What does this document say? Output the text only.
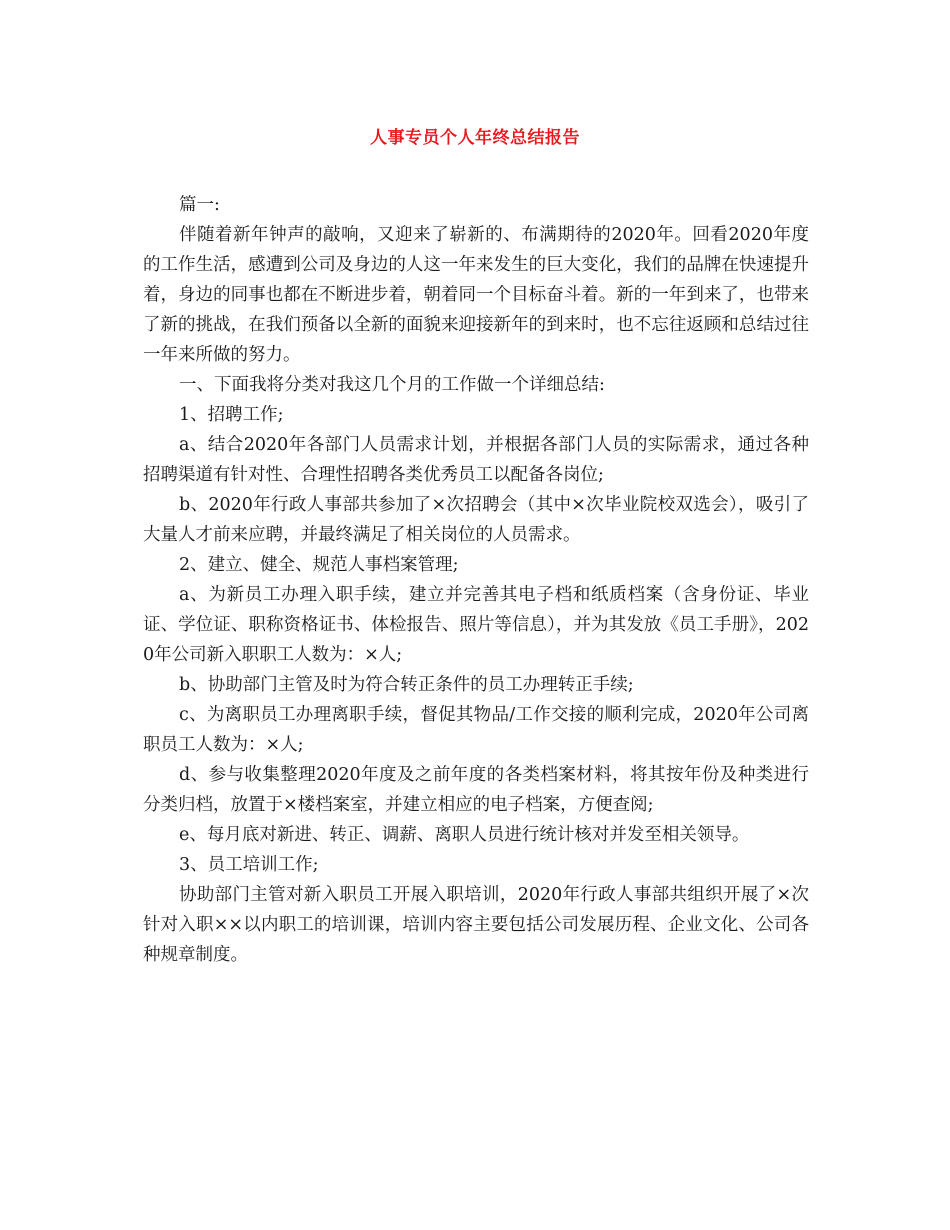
人事专员个人年终总结报告

篇一:

伴随着新年钟声的敲响，又迎来了崭新的、布满期待的2020年。回看2020年度的工作生活，感遭到公司及身边的人这一年来发生的巨大变化，我们的品牌在快速提升着，身边的同事也都在不断进步着，朝着同一个目标奋斗着。新的一年到来了，也带来了新的挑战，在我们预备以全新的面貌来迎接新年的到来时，也不忘往返顾和总结过往一年来所做的努力。

一、下面我将分类对我这几个月的工作做一个详细总结:

1、招聘工作;

a、结合2020年各部门人员需求计划，并根据各部门人员的实际需求，通过各种招聘渠道有针对性、合理性招聘各类优秀员工以配备各岗位;

b、2020年行政人事部共参加了×次招聘会（其中×次毕业院校双选会），吸引了大量人才前来应聘，并最终满足了相关岗位的人员需求。

2、建立、健全、规范人事档案管理;

a、为新员工办理入职手续，建立并完善其电子档和纸质档案（含身份证、毕业证、学位证、职称资格证书、体检报告、照片等信息），并为其发放《员工手册》，2020年公司新入职职工人数为：×人;

b、协助部门主管及时为符合转正条件的员工办理转正手续;

c、为离职员工办理离职手续，督促其物品/工作交接的顺利完成，2020年公司离职员工人数为：×人;

d、参与收集整理2020年度及之前年度的各类档案材料，将其按年份及种类进行分类归档，放置于×楼档案室，并建立相应的电子档案，方便查阅;

e、每月底对新进、转正、调薪、离职人员进行统计核对并发至相关领导。

3、员工培训工作;

协助部门主管对新入职员工开展入职培训，2020年行政人事部共组织开展了×次针对入职××以内职工的培训课，培训内容主要包括公司发展历程、企业文化、公司各种规章制度。
